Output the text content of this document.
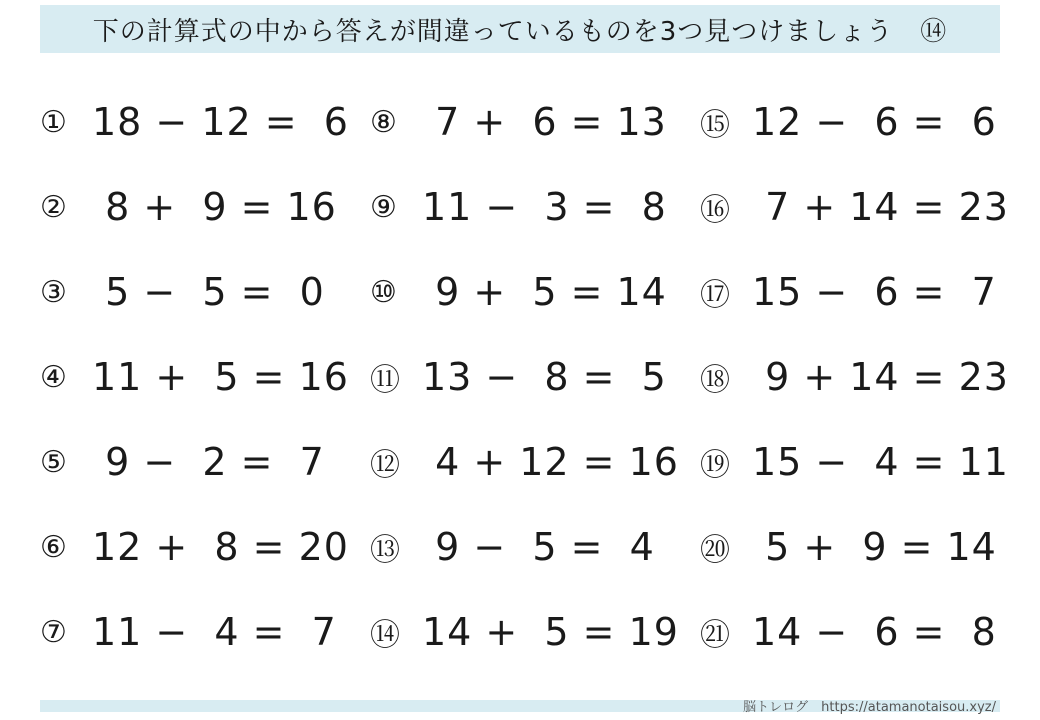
下の計算式の中から答えが間違っているものを3つ見つけましょう　⑭
① 18 − 12 =  6
② 8 +  9 = 16
③ 5 −  5 =  0
④ 11 +  5 = 16
⑤ 9 −  2 =  7
⑥ 12 +  8 = 20
⑦ 11 −  4 =  7
⑧ 7 +  6 = 13
⑨ 11 −  3 =  8
⑩ 9 +  5 = 14
⑪ 13 −  8 =  5
⑫ 4 + 12 = 16
⑬ 9 −  5 =  4
⑭ 14 +  5 = 19
⑮ 12 −  6 =  6
⑯ 7 + 14 = 23
⑰ 15 −  6 =  7
⑱ 9 + 14 = 23
⑲ 15 −  4 = 11
⑳ 5 +  9 = 14
㉑ 14 −  6 =  8
脳トレログ　https://atamanotaisou.xyz/
